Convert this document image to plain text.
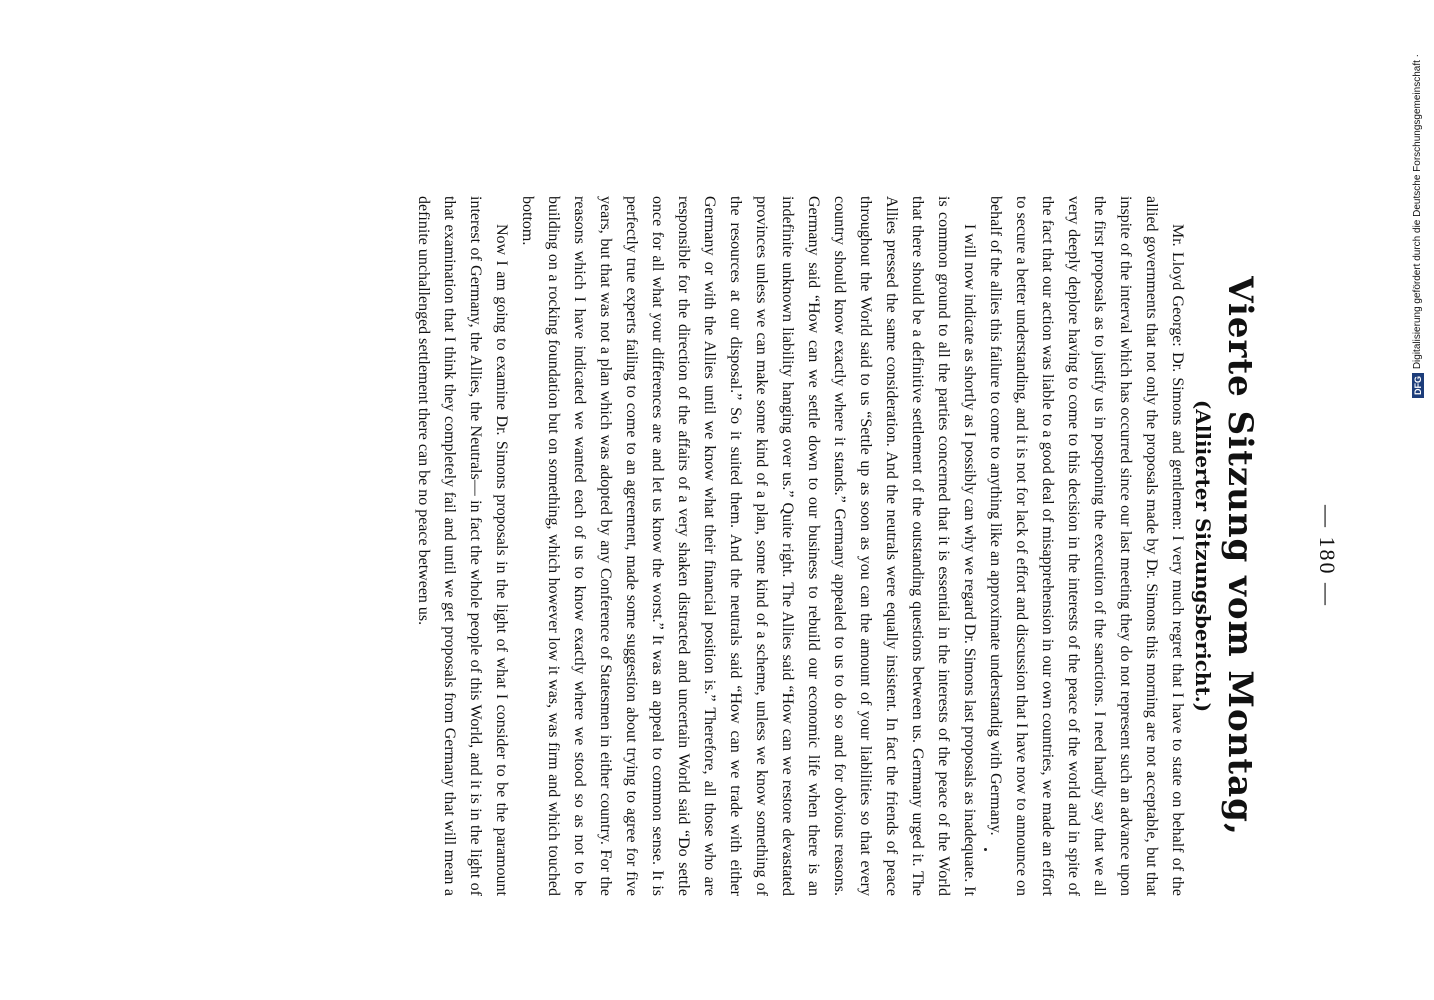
— 180 —
Vierte Sitzung vom Montag,
(Alliierter Sitzungsbericht.)

Mr. Lloyd George: Dr. Simons and gentlemen: I very much regret that I have to state on behalf of the allied governments that not only the proposals made by Dr. Simons this morning are not acceptable, but that inspite of the interval which has occurred since our last meeting they do not represent such an advance upon the first proposals as to justify us in postponing the execution of the sanctions. I need hardly say that we all very deeply deplore having to come to this decision in the interests of the peace of the world and in spite of the fact that our action was liable to a good deal of misapprehension in our own countries, we made an effort to secure a better understanding, and it is not for lack of effort and discussion that I have now to announce on behalf of the allies this failure to come to anything like an approximate understandig with Germany.

I will now indicate as shortly as I possibly can why we regard Dr. Simons last proposals as inadequate. It is common ground to all the parties concerned that it is essential in the interests of the peace of the World that there should be a definitive settlement of the outstanding questions between us. Germany urged it. The Allies pressed the same consideration. And the neutrals were equally insistent. In fact the friends of peace throughout the World said to us “Settle up as soon as you can the amount of your liabilities so that every country should know exactly where it stands.” Germany appealed to us to do so and for obvious reasons. Germany said “How can we settle down to our business to rebuild our economic life when there is an indefinite unknown liability hanging over us.” Quite right. The Allies said “How can we restore devastated provinces unless we can make some kind of a plan, some kind of a scheme, unless we know something of the resources at our disposal.” So it suited them. And the neutrals said “How can we trade with either Germany or with the Allies until we know what their financial position is.” Therefore, all those who are responsible for the direction of the affairs of a very shaken distracted and uncertain World said “Do settle once for all what your differences are and let us know the worst.” It was an appeal to common sense. It is perfectly true experts failing to come to an agreement, made some suggestion about trying to agree for five years, but that was not a plan which was adopted by any Conference of Statesmen in either country. For the reasons which I have indicated we wanted each of us to know exactly where we stood so as not to be building on a rocking foundation but on something, which however low it was, was firm and which touched bottom.

Now I am going to examine Dr. Simons proposals in the light of what I consider to be the paramount interest of Germany, the Allies, the Neutrals— in fact the whole people of this World, and it is in the light of that examination that I think they completely fail and until we get proposals from Germany that will mean a definite unchallenged settlement there can be no peace between us.	Digitalisierung gefördert durch die Deutsche Forschungsgemeinschaft ·
DFG
